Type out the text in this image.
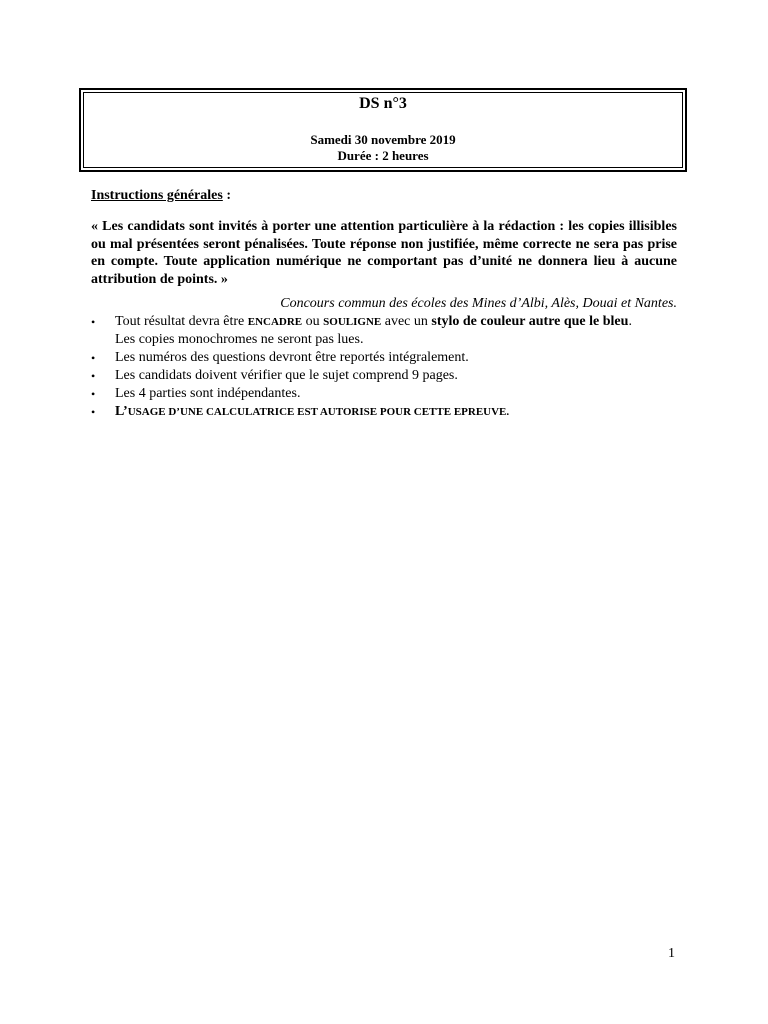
DS n°3
Samedi 30 novembre 2019
Durée : 2 heures
Instructions générales :
« Les candidats sont invités à porter une attention particulière à la rédaction : les copies illisibles ou mal présentées seront pénalisées. Toute réponse non justifiée, même correcte ne sera pas prise en compte. Toute application numérique ne comportant pas d’unité ne donnera lieu à aucune attribution de points. »
Concours commun des écoles des Mines d’Albi, Alès, Douai et Nantes.
• Tout résultat devra être ENCADRE ou SOULIGNE avec un stylo de couleur autre que le bleu.
Les copies monochromes ne seront pas lues.
• Les numéros des questions devront être reportés intégralement.
• Les candidats doivent vérifier que le sujet comprend 9 pages.
• Les 4 parties sont indépendantes.
• L’USAGE D’UNE CALCULATRICE EST AUTORISE POUR CETTE EPREUVE.
1
